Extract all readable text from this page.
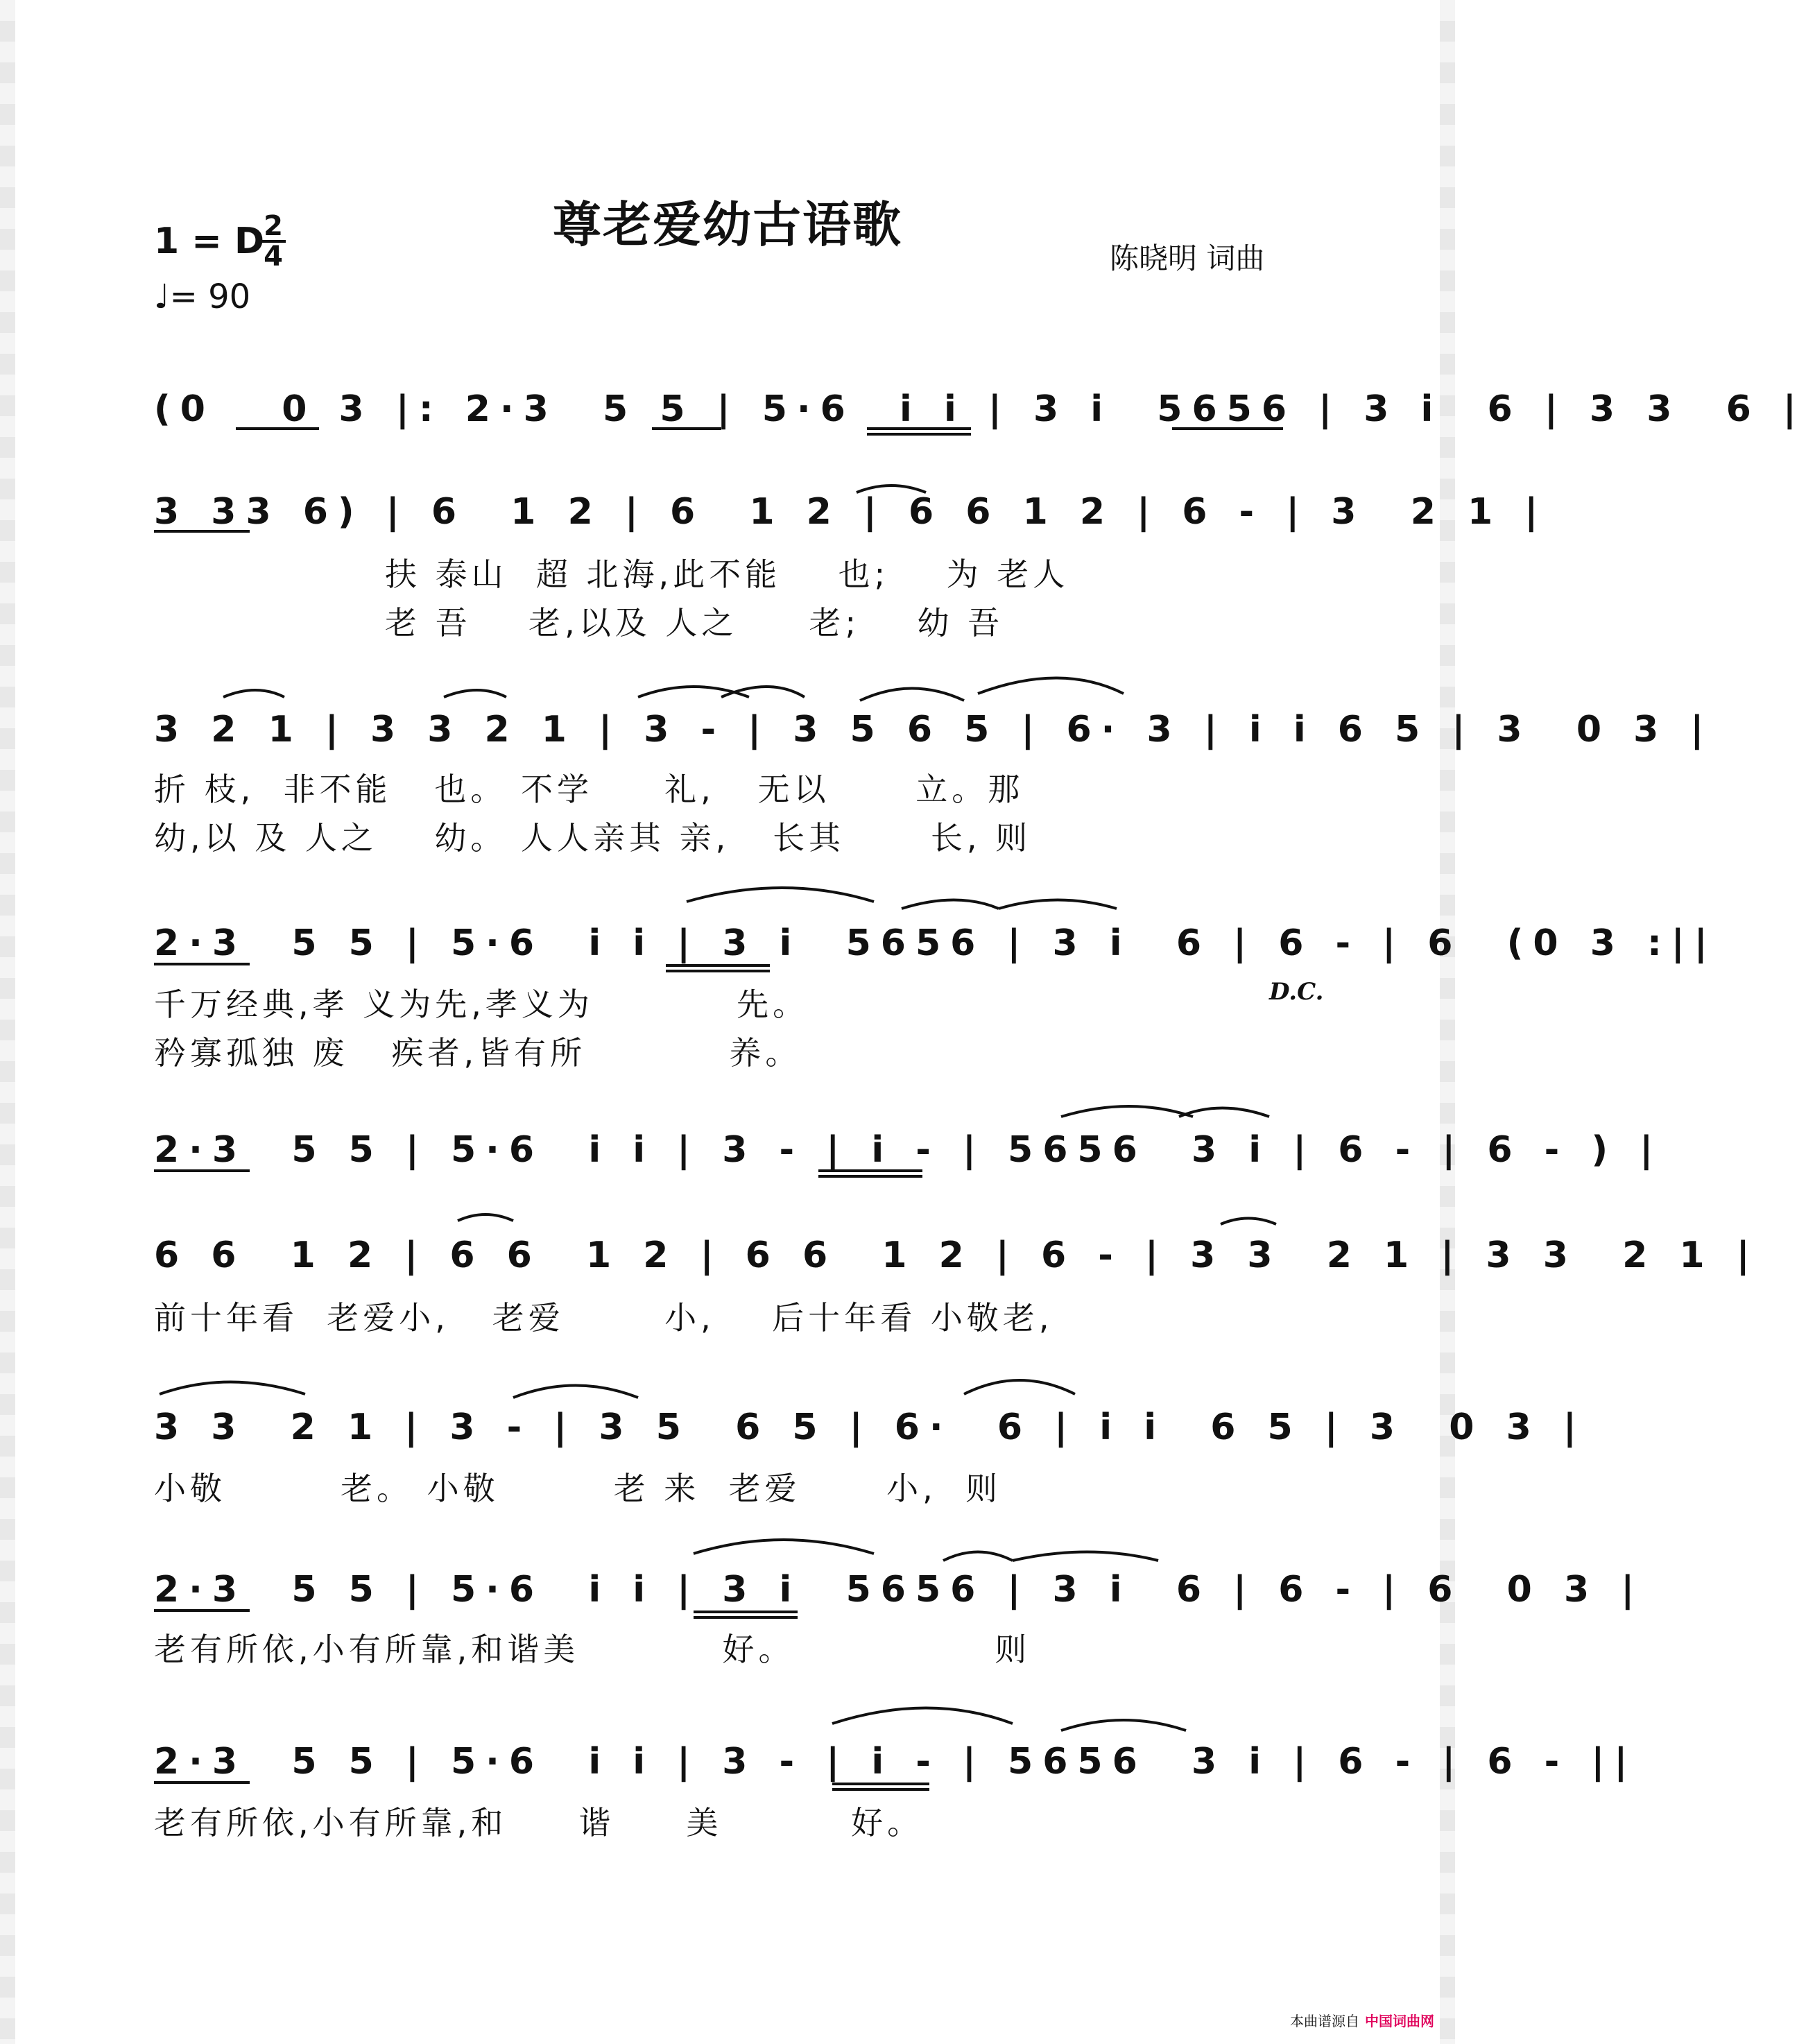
尊老爱幼古语歌
1 = D
2
4
♩= 90
陈晓明 词曲
(0   0 3 |: 2·3  5 5 | 5·6  i i | 3 i  5656 | 3 i  6 | 3 3  6 |
3 33 6) | 6  1 2 | 6  1 2 | 6 6 1 2 | 6 - | 3  2 1 |
扶 泰山  超 北海,此不能    也;    为 老人
老 吾    老,以及 人之     老;    幼 吾
3 2 1 | 3 3 2 1 | 3 - | 3 5 6 5 | 6· 3 | i i 6 5 | 3  0 3 |
折 枝,  非不能   也。 不学     礼,   无以      立。那
幼,以 及 人之    幼。 人人亲其 亲,   长其      长, 则
2·3  5 5 | 5·6  i i | 3 i  5656 | 3 i  6 | 6 - | 6  (0 3 :||
千万经典,孝 义为先,孝义为          先。
矜寡孤独 废   疾者,皆有所          养。
D.C.
2·3  5 5 | 5·6  i i | 3 - | i - | 5656  3 i | 6 - | 6 - ) |
6 6  1 2 | 6 6  1 2 | 6 6  1 2 | 6 - | 3 3  2 1 | 3 3  2 1 |
前十年看  老爱小,   老爱       小,    后十年看 小敬老,
3 3  2 1 | 3 - | 3 5  6 5 | 6·  6 | i i  6 5 | 3  0 3 |
小敬        老。 小敬        老 来  老爱      小,  则
2·3  5 5 | 5·6  i i | 3 i  5656 | 3 i  6 | 6 - | 6  0 3 |
老有所依,小有所靠,和谐美          好。              则
2·3  5 5 | 5·6  i i | 3 - | i - | 5656  3 i | 6 - | 6 - ||
老有所依,小有所靠,和     谐     美         好。
本曲谱源自 中国词曲网
